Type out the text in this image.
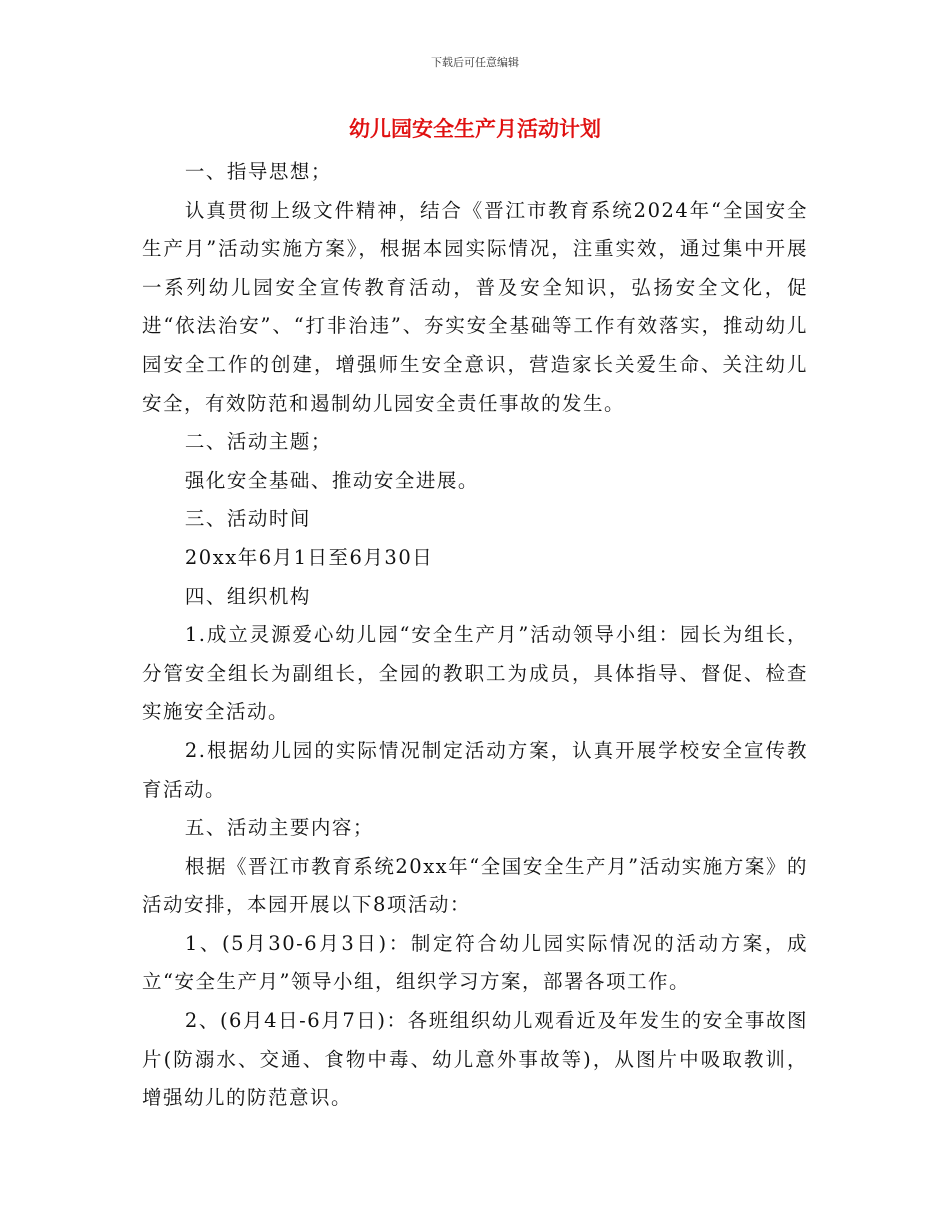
下载后可任意编辑
幼儿园安全生产月活动计划

一、指导思想；

认真贯彻上级文件精神，结合《晋江市教育系统2024年“全国安全生产月”活动实施方案》，根据本园实际情况，注重实效，通过集中开展一系列幼儿园安全宣传教育活动，普及安全知识，弘扬安全文化，促进“依法治安”、“打非治违”、夯实安全基础等工作有效落实，推动幼儿园安全工作的创建，增强师生安全意识，营造家长关爱生命、关注幼儿安全，有效防范和遏制幼儿园安全责任事故的发生。

二、活动主题；

强化安全基础、推动安全进展。

三、活动时间

20xx年6月1日至6月30日

四、组织机构

1.成立灵源爱心幼儿园“安全生产月”活动领导小组：园长为组长，分管安全组长为副组长，全园的教职工为成员，具体指导、督促、检查实施安全活动。

2.根据幼儿园的实际情况制定活动方案，认真开展学校安全宣传教育活动。

五、活动主要内容；

根据《晋江市教育系统20xx年“全国安全生产月”活动实施方案》的活动安排，本园开展以下8项活动：

1、(5月30-6月3日)：制定符合幼儿园实际情况的活动方案，成立“安全生产月”领导小组，组织学习方案，部署各项工作。

2、(6月4日-6月7日)：各班组织幼儿观看近及年发生的安全事故图片(防溺水、交通、食物中毒、幼儿意外事故等)，从图片中吸取教训，增强幼儿的防范意识。
